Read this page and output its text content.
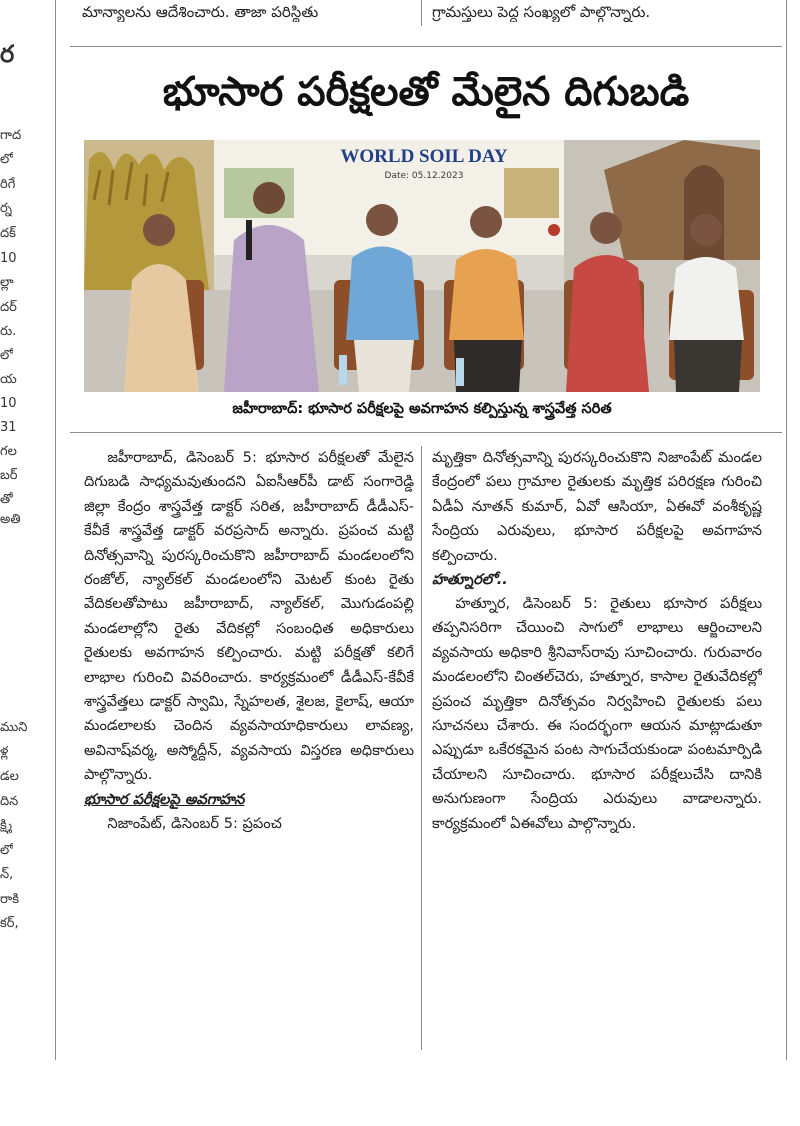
ర
గాద
లో
రిగే
ర్న
దక్
10
ల్లా
దర్
రు.
లో
య
10
31
గల
బర్
తో
అతి
ముని
ళ్ల
డల
దిన
క్ష్మి
లో
న్,
రాకి
కర్,
మాన్యాలను ఆదేశించారు. తాజా పరిస్థితు	గ్రామస్తులు పెద్ద సంఖ్యలో పాల్గొన్నారు.
భూసార పరీక్షలతో మేలైన దిగుబడి
WORLD SOIL DAY
Date: 05.12.2023
జహీరాబాద్: భూసార పరీక్షలపై అవగాహన కల్పిస్తున్న శాస్త్రవేత్త సరిత

జహీరాబాద్, డిసెంబర్ 5: భూసార పరీక్షలతో మేలైన దిగుబడి సాధ్యమవుతుందని ఏఐసీఆర్‌పీ డాట్ సంగారెడ్డి జిల్లా కేంద్రం శాస్త్రవేత్త డాక్టర్ సరిత, జహీరాబాద్ డీడీఎస్-కేవీకే శాస్త్రవేత్త డాక్టర్ వరప్రసాద్ అన్నారు. ప్రపంచ మట్టి దినోత్సవాన్ని పురస్కరించుకొని జహీరాబాద్ మండలంలోని రంజోల్, న్యాల్‌కల్ మండలంలోని మెటల్ కుంట రైతు వేదికలతోపాటు జహీరాబాద్, న్యాల్‌కల్, మొగుడంపల్లి మండలాల్లోని రైతు వేదికల్లో సంబంధిత అధికారులు రైతులకు అవగాహన కల్పించారు. మట్టి పరీక్షతో కలిగే లాభాల గురించి వివరించారు. కార్యక్రమంలో డీడీఎస్-కేవీకే శాస్త్రవేత్తలు డాక్టర్ స్వామి, స్నేహలత, శైలజ, కైలాష్, ఆయా మండలాలకు చెందిన వ్యవసాయాధికారులు లావణ్య, అవినాష్‌వర్మ, అస్మోద్దీన్, వ్యవసాయ విస్తరణ అధికారులు పాల్గొన్నారు.

భూసార పరీక్షలపై అవగాహన

నిజాంపేట్, డిసెంబర్ 5: ప్రపంచ

మృత్తికా దినోత్సవాన్ని పురస్కరించుకొని నిజాంపేట్ మండల కేంద్రంలో పలు గ్రామాల రైతులకు మృత్తిక పరిరక్షణ గురించి ఏడీఏ నూతన్ కుమార్, ఏవో ఆసియా, ఏఈవో వంశీకృష్ణ సేంద్రియ ఎరువులు, భూసార పరీక్షలపై అవగాహన కల్పించారు.

హత్నూరలో..

హత్నూర, డిసెంబర్ 5: రైతులు భూసార పరీక్షలు తప్పనిసరిగా చేయించి సాగులో లాభాలు ఆర్జించాలని వ్యవసాయ అధికారి శ్రీనివాస్‌రావు సూచించారు. గురువారం మండలంలోని చింతల్‌చెరు, హత్నూర, కాసాల రైతువేదికల్లో ప్రపంచ మృత్తికా దినోత్సవం నిర్వహించి రైతులకు పలు సూచనలు చేశారు. ఈ సందర్భంగా ఆయన మాట్లాడుతూ ఎప్పుడూ ఒకేరకమైన పంట సాగుచేయకుండా పంటమార్పిడి చేయాలని సూచించారు. భూసార పరీక్షలుచేసి దానికి అనుగుణంగా సేంద్రియ ఎరువులు వాడాలన్నారు. కార్యక్రమంలో ఏఈవోలు పాల్గొన్నారు.
